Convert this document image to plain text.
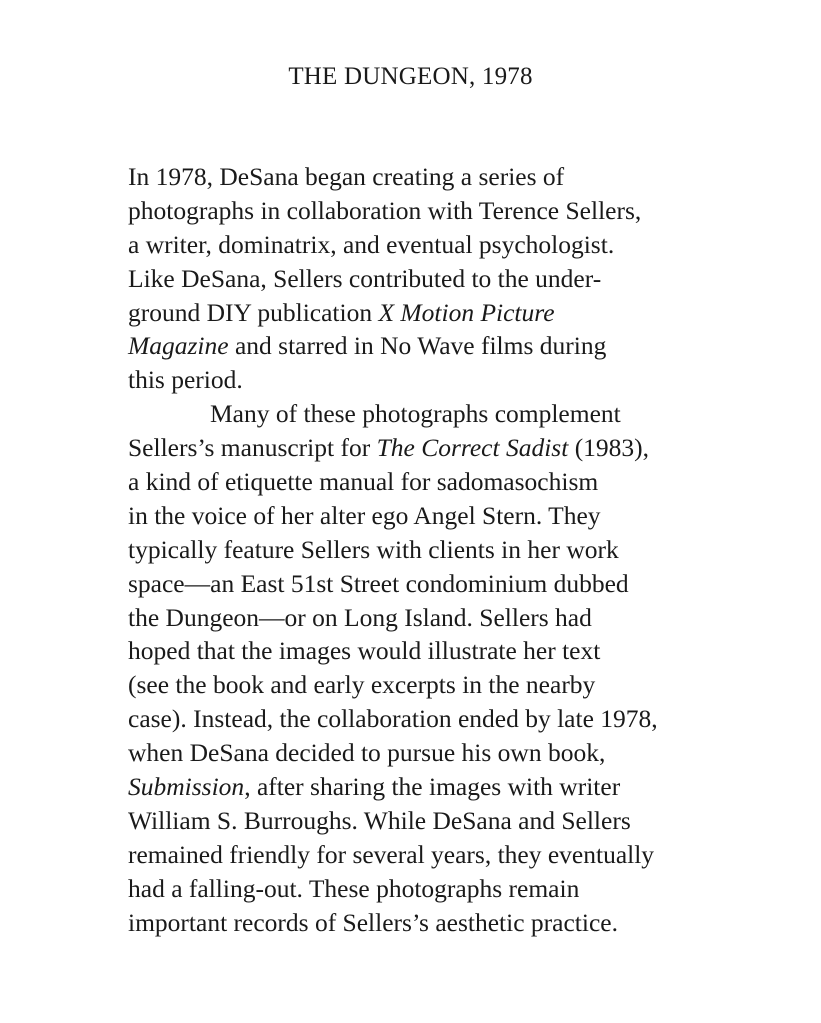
THE DUNGEON, 1978
In 1978, DeSana began creating a series of
photographs in collaboration with Terence Sellers,
a writer, dominatrix, and eventual psychologist.
Like DeSana, Sellers contributed to the under-
ground DIY publication X Motion Picture
Magazine and starred in No Wave films during
this period.
Many of these photographs complement
Sellers’s manuscript for The Correct Sadist (1983),
a kind of etiquette manual for sadomasochism
in the voice of her alter ego Angel Stern. They
typically feature Sellers with clients in her work
space—an East 51st Street condominium dubbed
the Dungeon—or on Long Island. Sellers had
hoped that the images would illustrate her text
(see the book and early excerpts in the nearby
case). Instead, the collaboration ended by late 1978,
when DeSana decided to pursue his own book,
Submission, after sharing the images with writer
William S. Burroughs. While DeSana and Sellers
remained friendly for several years, they eventually
had a falling-out. These photographs remain
important records of Sellers’s aesthetic practice.
